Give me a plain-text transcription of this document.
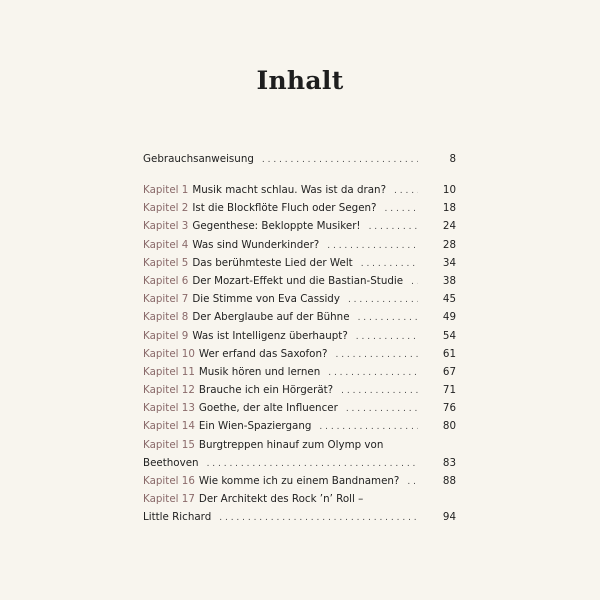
Inhalt
Gebrauchsanweisung . . .	8
Kapitel 1 Musik macht schlau. Was ist da dran? . . .	10
Kapitel 2 Ist die Blockflöte Fluch oder Segen? . . .	18
Kapitel 3 Gegenthese: Bekloppte Musiker! . . .	24
Kapitel 4 Was sind Wunderkinder? . . .	28
Kapitel 5 Das berühmteste Lied der Welt . . .	34
Kapitel 6 Der Mozart-Effekt und die Bastian-Studie . . .	38
Kapitel 7 Die Stimme von Eva Cassidy . . .	45
Kapitel 8 Der Aberglaube auf der Bühne . . .	49
Kapitel 9 Was ist Intelligenz überhaupt? . . .	54
Kapitel 10 Wer erfand das Saxofon? . . .	61
Kapitel 11 Musik hören und lernen . . .	67
Kapitel 12 Brauche ich ein Hörgerät? . . .	71
Kapitel 13 Goethe, der alte Influencer . . .	76
Kapitel 14 Ein Wien-Spaziergang . . .	80
Kapitel 15 Burgtreppen hinauf zum Olymp von
Beethoven . . .	83
Kapitel 16 Wie komme ich zu einem Bandnamen? . . .	88
Kapitel 17 Der Architekt des Rock ’n’ Roll –
Little Richard . . .	94
